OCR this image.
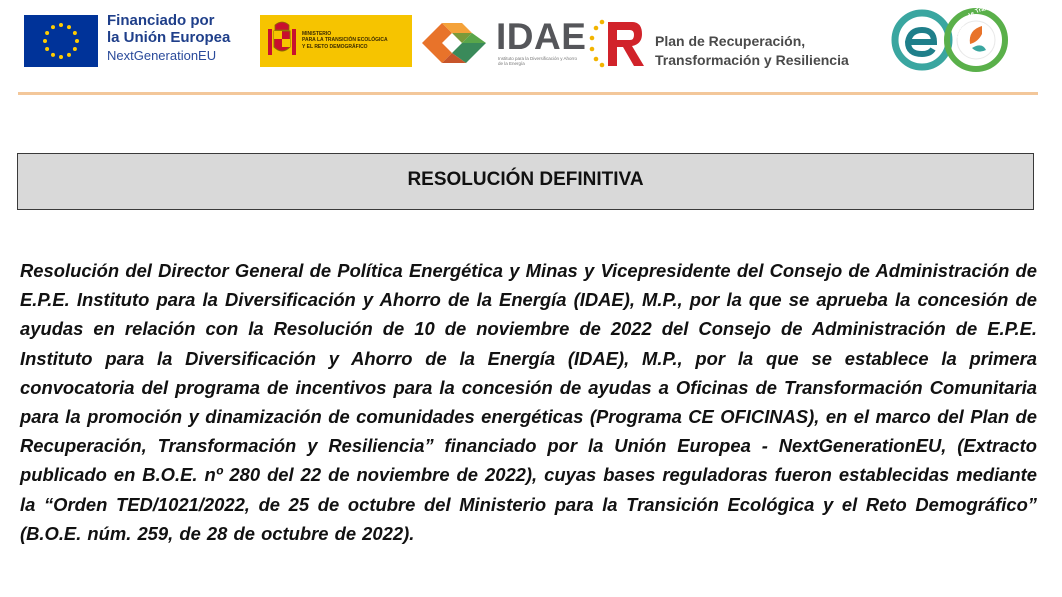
Financiado por
la Unión Europea
NextGenerationEU
MINISTERIO
PARA LA TRANSICIÓN ECOLÓGICA
Y EL RETO DEMOGRÁFICO	IDAE
Instituto para la Diversificación y Ahorro de la Energía
Plan de Recuperación,
Transformación y Resiliencia
Oficina de Transformac
RESOLUCIÓN DEFINITIVA
Resolución del Director General de Política Energética y Minas y Vicepresidente del Consejo de Administración de E.P.E. Instituto para la Diversificación y Ahorro de la Energía (IDAE), M.P., por la que se aprueba la concesión de ayudas en relación con la Resolución de 10 de noviembre de 2022 del Consejo de Administración de E.P.E. Instituto para la Diversificación y Ahorro de la Energía (IDAE), M.P., por la que se establece la primera convocatoria del programa de incentivos para la concesión de ayudas a Oficinas de Transformación Comunitaria para la promoción y dinamización de comunidades energéticas (Programa CE OFICINAS), en el marco del Plan de Recuperación, Transformación y Resiliencia” financiado por la Unión Europea - NextGenerationEU, (Extracto publicado en B.O.E. nº 280 del 22 de noviembre de 2022), cuyas bases reguladoras fueron establecidas mediante la “Orden TED/1021/2022, de 25 de octubre del Ministerio para la Transición Ecológica y el Reto Demográfico” (B.O.E. núm. 259, de 28 de octubre de 2022).
